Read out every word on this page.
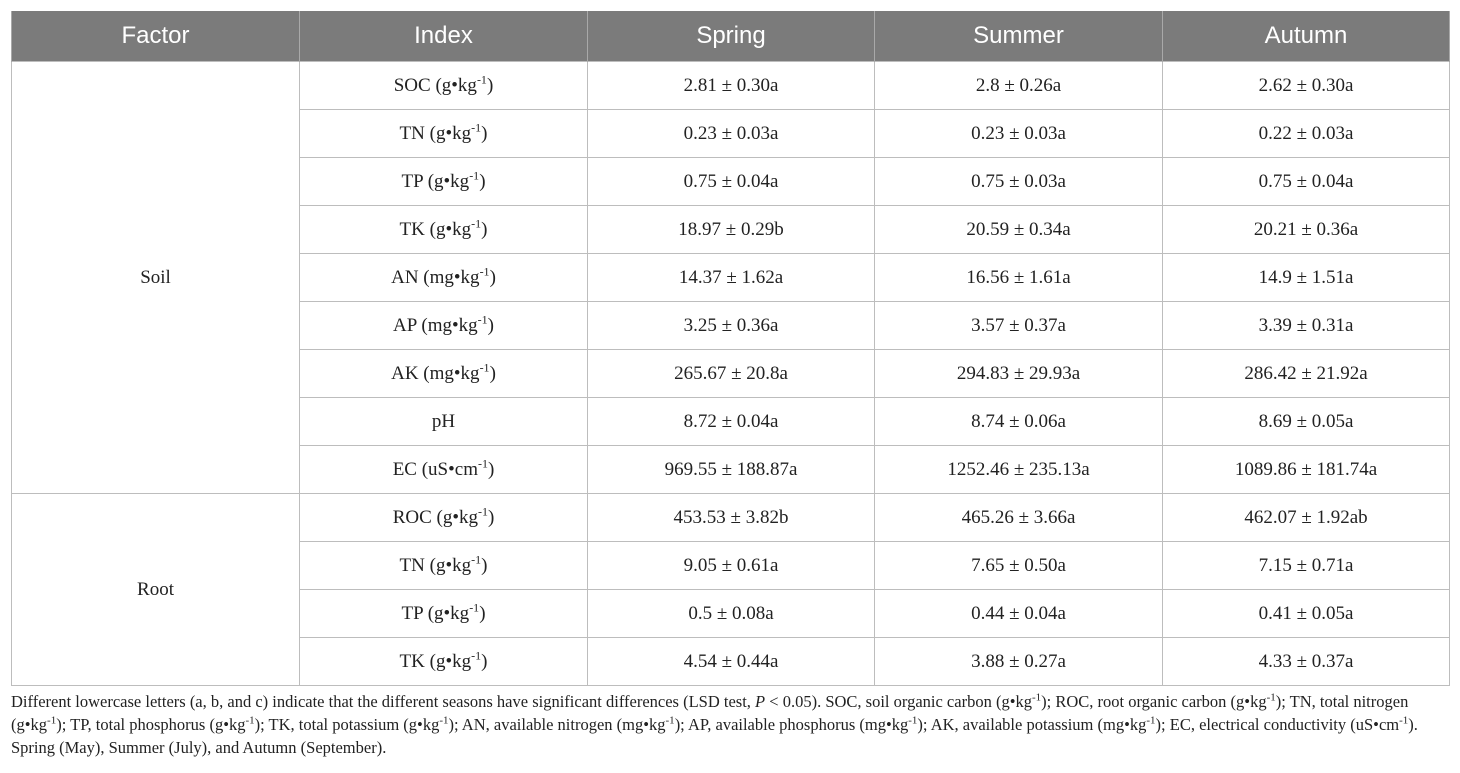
Factor	Index	Spring	Summer	Autumn
Soil	SOC $(g•kg^{-1})$	2.81 ± 0.30a	2.8 ± 0.26a	2.62 ± 0.30a
	TN $(g•kg^{-1})$	0.23 ± 0.03a	0.23 ± 0.03a	0.22 ± 0.03a
	TP $(g•kg^{-1})$	0.75 ± 0.04a	0.75 ± 0.03a	0.75 ± 0.04a
	TK $(g•kg^{-1})$	18.97 ± 0.29b	20.59 ± 0.34a	20.21 ± 0.36a
	AN $(mg•kg^{-1})$	14.37 ± 1.62a	16.56 ± 1.61a	14.9 ± 1.51a
	AP $(mg•kg^{-1})$	3.25 ± 0.36a	3.57 ± 0.37a	3.39 ± 0.31a
	AK $(mg•kg^{-1})$	265.67 ± 20.8a	294.83 ± 29.93a	286.42 ± 21.92a
	pH	8.72 ± 0.04a	8.74 ± 0.06a	8.69 ± 0.05a
	EC $(uS•cm^{-1})$	969.55 ± 188.87a	1252.46 ± 235.13a	1089.86 ± 181.74a
Root	ROC $(g•kg^{-1})$	453.53 ± 3.82b	465.26 ± 3.66a	462.07 ± 1.92ab
	TN $(g•kg^{-1})$	9.05 ± 0.61a	7.65 ± 0.50a	7.15 ± 0.71a
	TP $(g•kg^{-1})$	0.5 ± 0.08a	0.44 ± 0.04a	0.41 ± 0.05a
	TK $(g•kg^{-1})$	4.54 ± 0.44a	3.88 ± 0.27a	4.33 ± 0.37a
Different lowercase letters (a, b, and c) indicate that the different seasons have significant differences (LSD test, P < 0.05). SOC, soil organic carbon $(g•kg^{-1})$; ROC, root organic carbon $(g•kg^{-1})$; TN, total nitrogen $(g•kg^{-1})$; TP, total phosphorus $(g•kg^{-1})$; TK, total potassium $(g•kg^{-1})$; AN, available nitrogen $(mg•kg^{-1})$; AP, available phosphorus $(mg•kg^{-1})$; AK, available potassium $(mg•kg^{-1})$; EC, electrical conductivity $(uS•cm^{-1})$. Spring (May), Summer (July), and Autumn (September).
